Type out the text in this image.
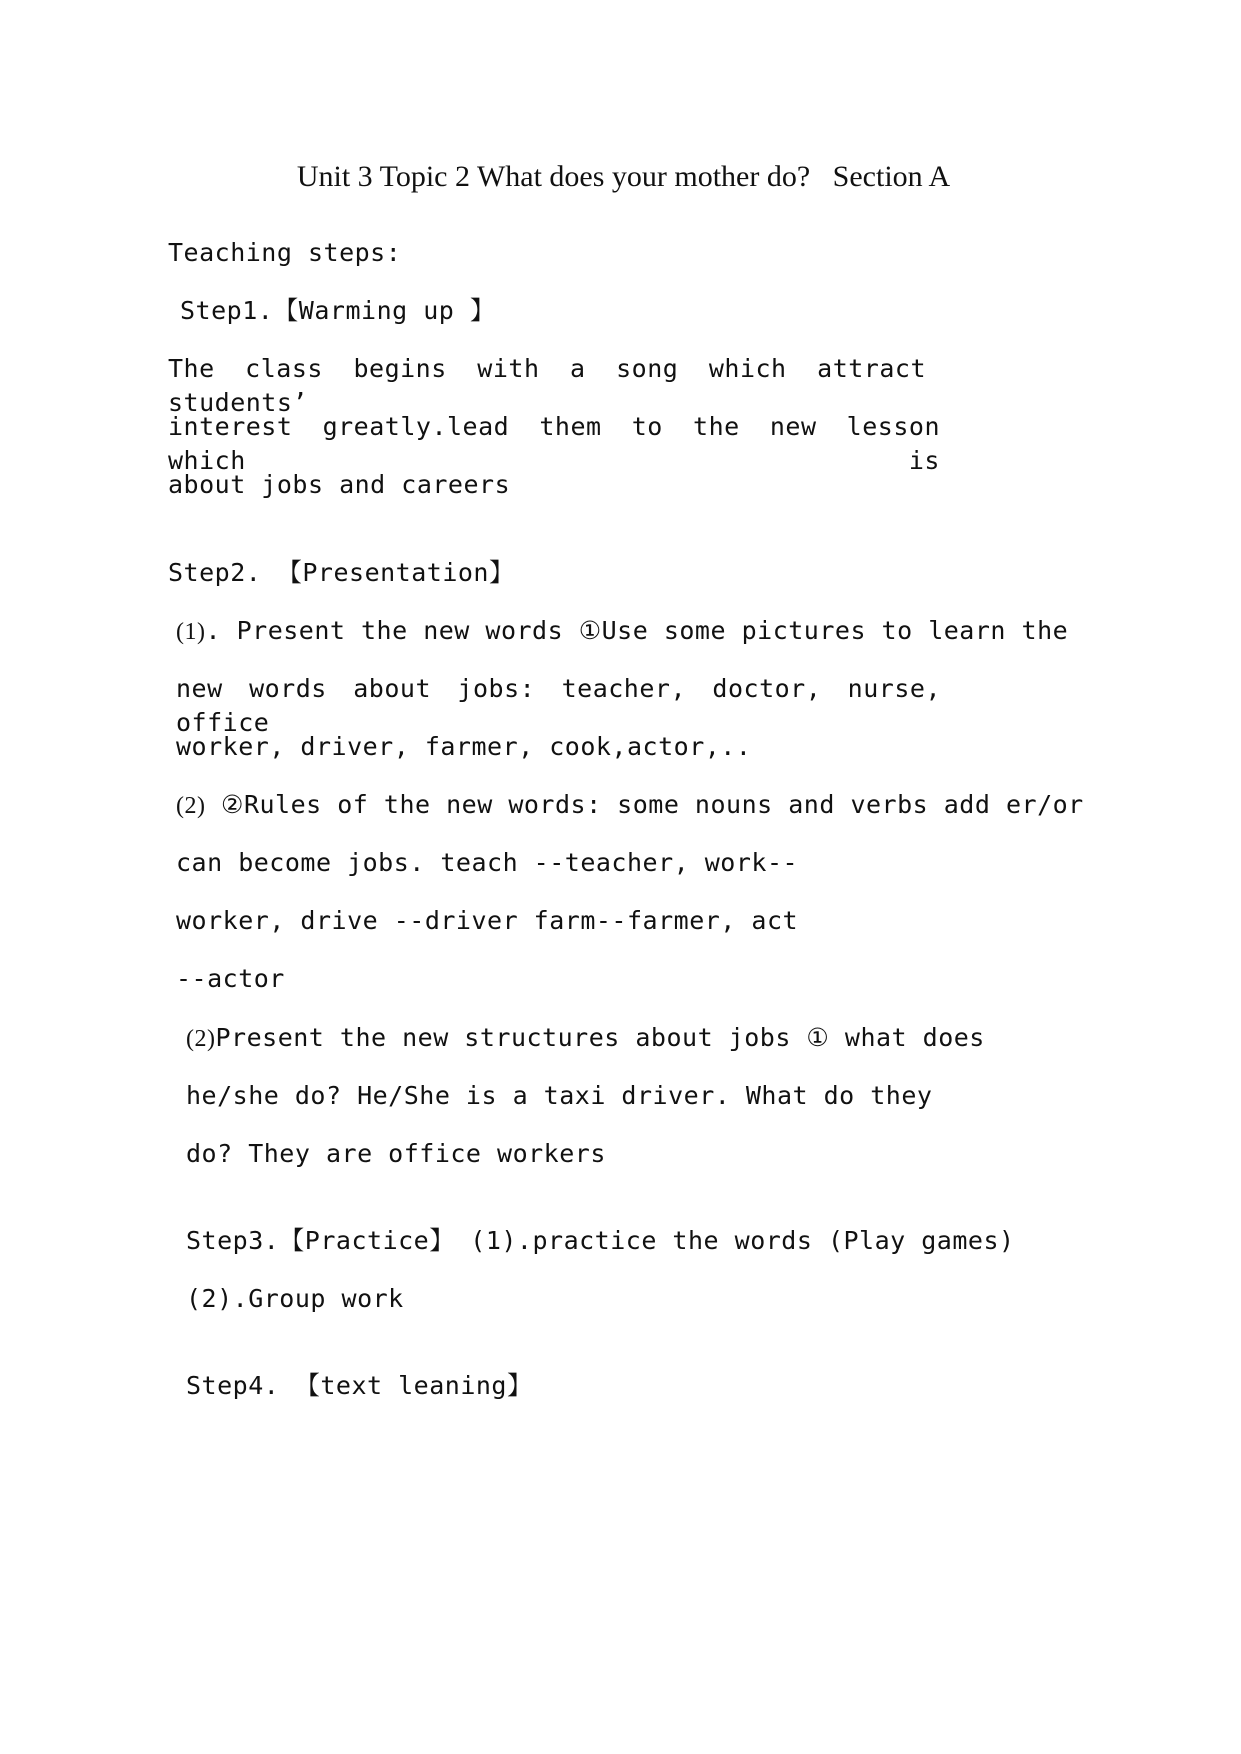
Unit 3 Topic 2 What does your mother do?   Section A
Teaching steps:
Step1.【Warming up 】
The class begins with a song which attract students’
interest greatly.lead them to the new lesson which is
about jobs and careers
Step2. 【Presentation】
(1). Present the new words ①Use some pictures to learn the
new words about jobs: teacher, doctor, nurse, office
worker, driver, farmer, cook,actor,..
(2) ②Rules of the new words: some nouns and verbs add er/or
can become jobs. teach --teacher, work--
worker, drive --driver farm--farmer, act
--actor
(2)Present the new structures about jobs ① what does
he/she do? He/She is a taxi driver. What do they
do? They are office workers
Step3.【Practice】 (1).practice the words (Play games)
(2).Group work
Step4. 【text leaning】
